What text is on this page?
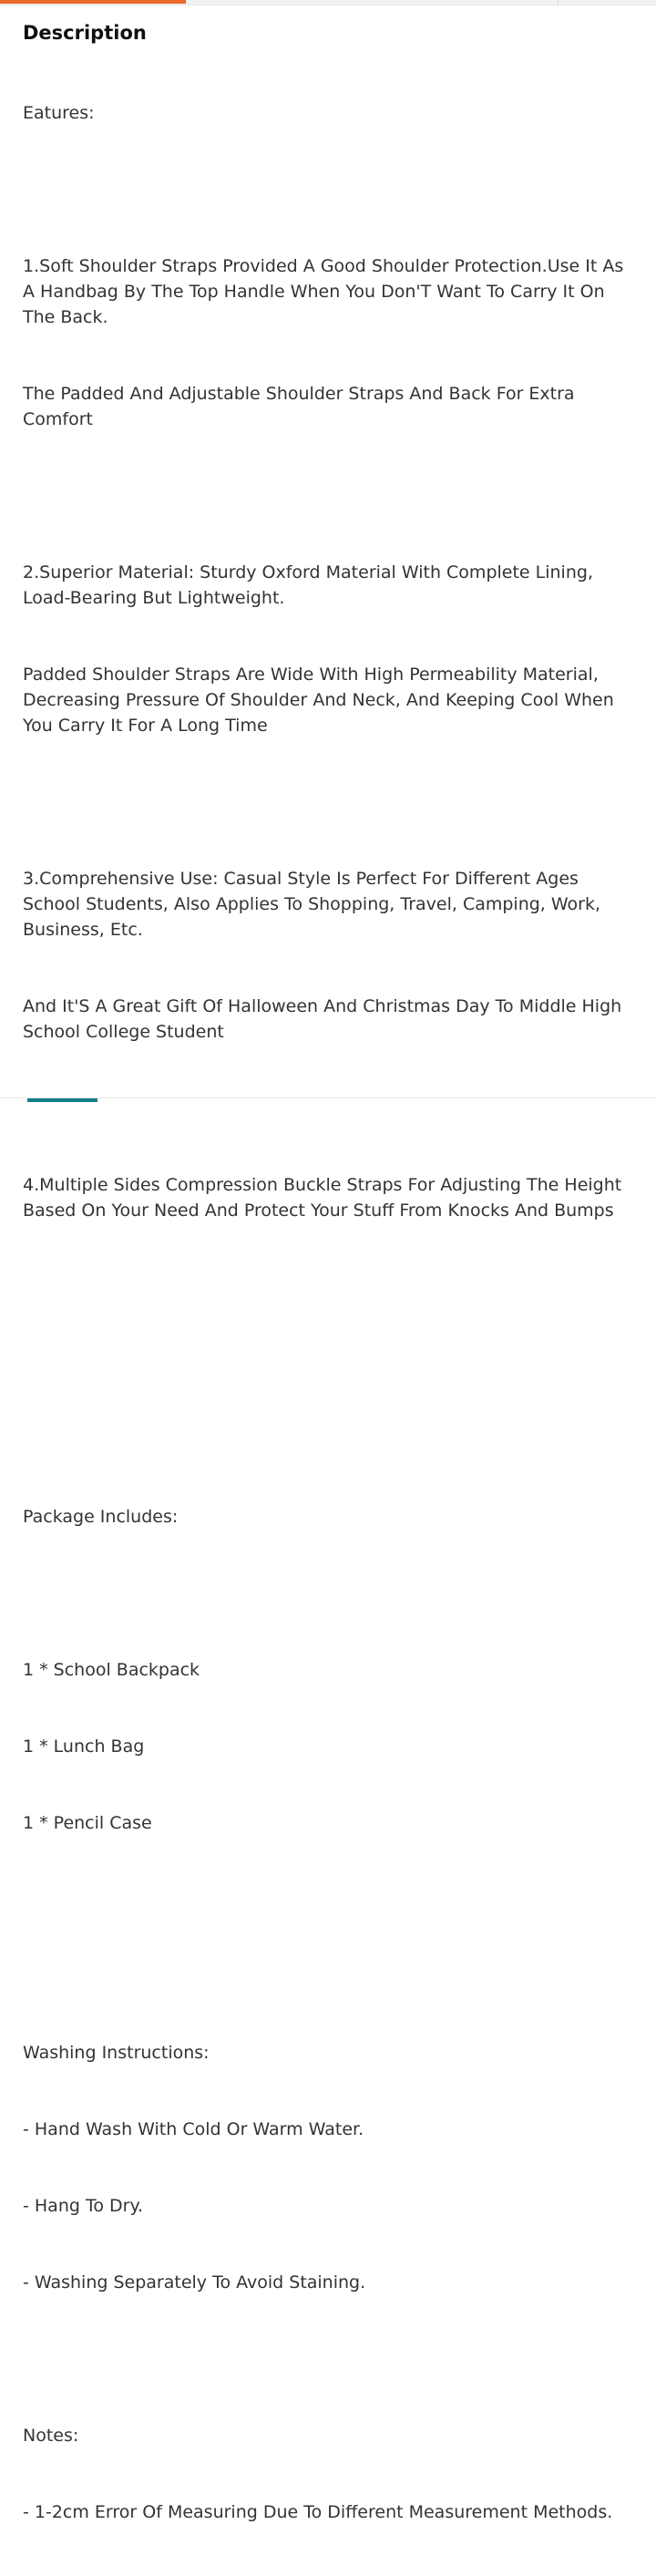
Description

Eatures:

1.Soft Shoulder Straps Provided A Good Shoulder Protection.Use It As A Handbag By The Top Handle When You Don'T Want To Carry It On The Back.

The Padded And Adjustable Shoulder Straps And Back For Extra Comfort

2.Superior Material: Sturdy Oxford Material With Complete Lining, Load-Bearing But Lightweight.

Padded Shoulder Straps Are Wide With High Permeability Material, Decreasing Pressure Of Shoulder And Neck, And Keeping Cool When You Carry It For A Long Time

3.Comprehensive Use: Casual Style Is Perfect For Different Ages School Students, Also Applies To Shopping, Travel, Camping, Work, Business, Etc.

And It'S A Great Gift Of Halloween And Christmas Day To Middle High School College Student

4.Multiple Sides Compression Buckle Straps For Adjusting The Height Based On Your Need And Protect Your Stuff From Knocks And Bumps

Package Includes:

1 * School Backpack

1 * Lunch Bag

1 * Pencil Case

Washing Instructions:

- Hand Wash With Cold Or Warm Water.

- Hang To Dry.

- Washing Separately To Avoid Staining.

Notes:

- 1-2cm Error Of Measuring Due To Different Measurement Methods.
